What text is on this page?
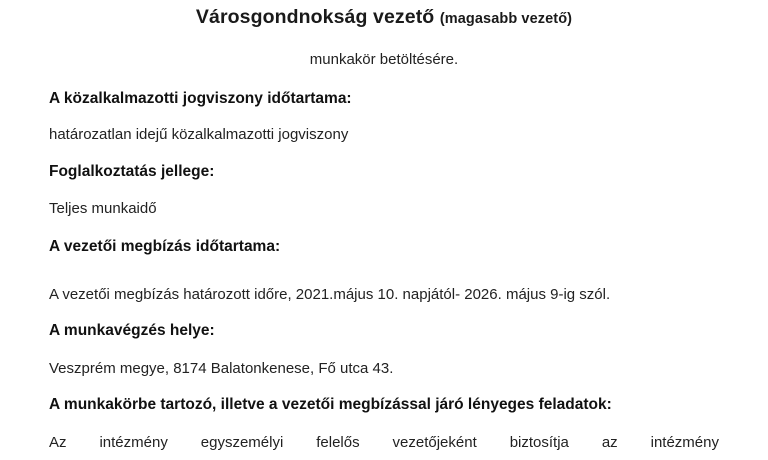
Városgondnokság vezető (magasabb vezető)
munkakör betöltésére.
A közalkalmazotti jogviszony időtartama:
határozatlan idejű közalkalmazotti jogviszony
Foglalkoztatás jellege:
Teljes munkaidő
A vezetői megbízás időtartama:
A vezetői megbízás határozott időre, 2021.május 10. napjától- 2026. május 9-ig szól.
A munkavégzés helye:
Veszprém megye, 8174 Balatonkenese, Fő utca 43.
A munkakörbe tartozó, illetve a vezetői megbízással járó lényeges feladatok:
Az intézmény egyszemélyi felelős vezetőjeként biztosítja az intézmény
